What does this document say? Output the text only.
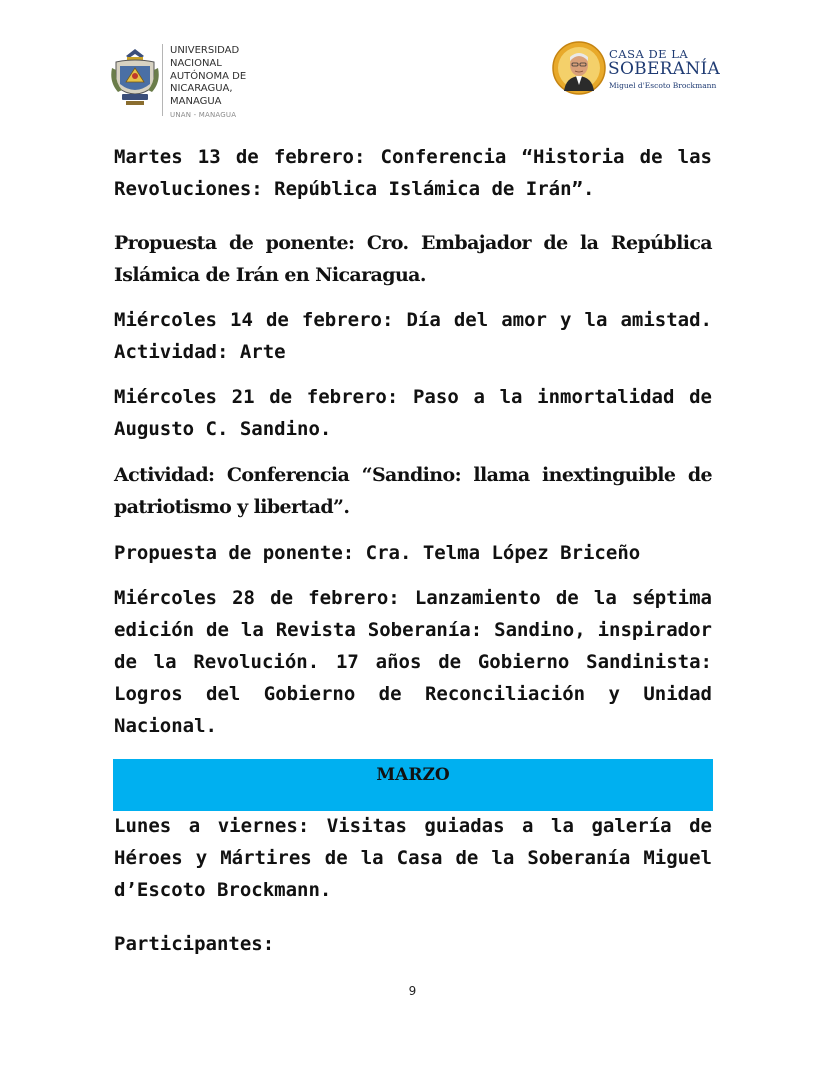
UNIVERSIDAD
NACIONAL
AUTÓNOMA DE
NICARAGUA,
MANAGUA
UNAN - MANAGUA
CASA DE LA
SOBERANÍA
Miguel d'Escoto Brockmann

Martes 13 de febrero: Conferencia “Historia de las Revoluciones: República Islámica de Irán”.

Propuesta de ponente: Cro. Embajador de la República Islámica de Irán en Nicaragua.

Miércoles 14 de febrero: Día del amor y la amistad. Actividad: Arte

Miércoles 21 de febrero: Paso a la inmortalidad de Augusto C. Sandino.

Actividad: Conferencia “Sandino: llama inextinguible de patriotismo y libertad”.

Propuesta de ponente: Cra. Telma López Briceño

Miércoles 28 de febrero: Lanzamiento de la séptima edición de la Revista Soberanía: Sandino, inspirador de la Revolución. 17 años de Gobierno Sandinista: Logros del Gobierno de Reconciliación y Unidad Nacional.

MARZO

Lunes a viernes: Visitas guiadas a la galería de Héroes y Mártires de la Casa de la Soberanía Miguel d’Escoto Brockmann.

Participantes:

9
